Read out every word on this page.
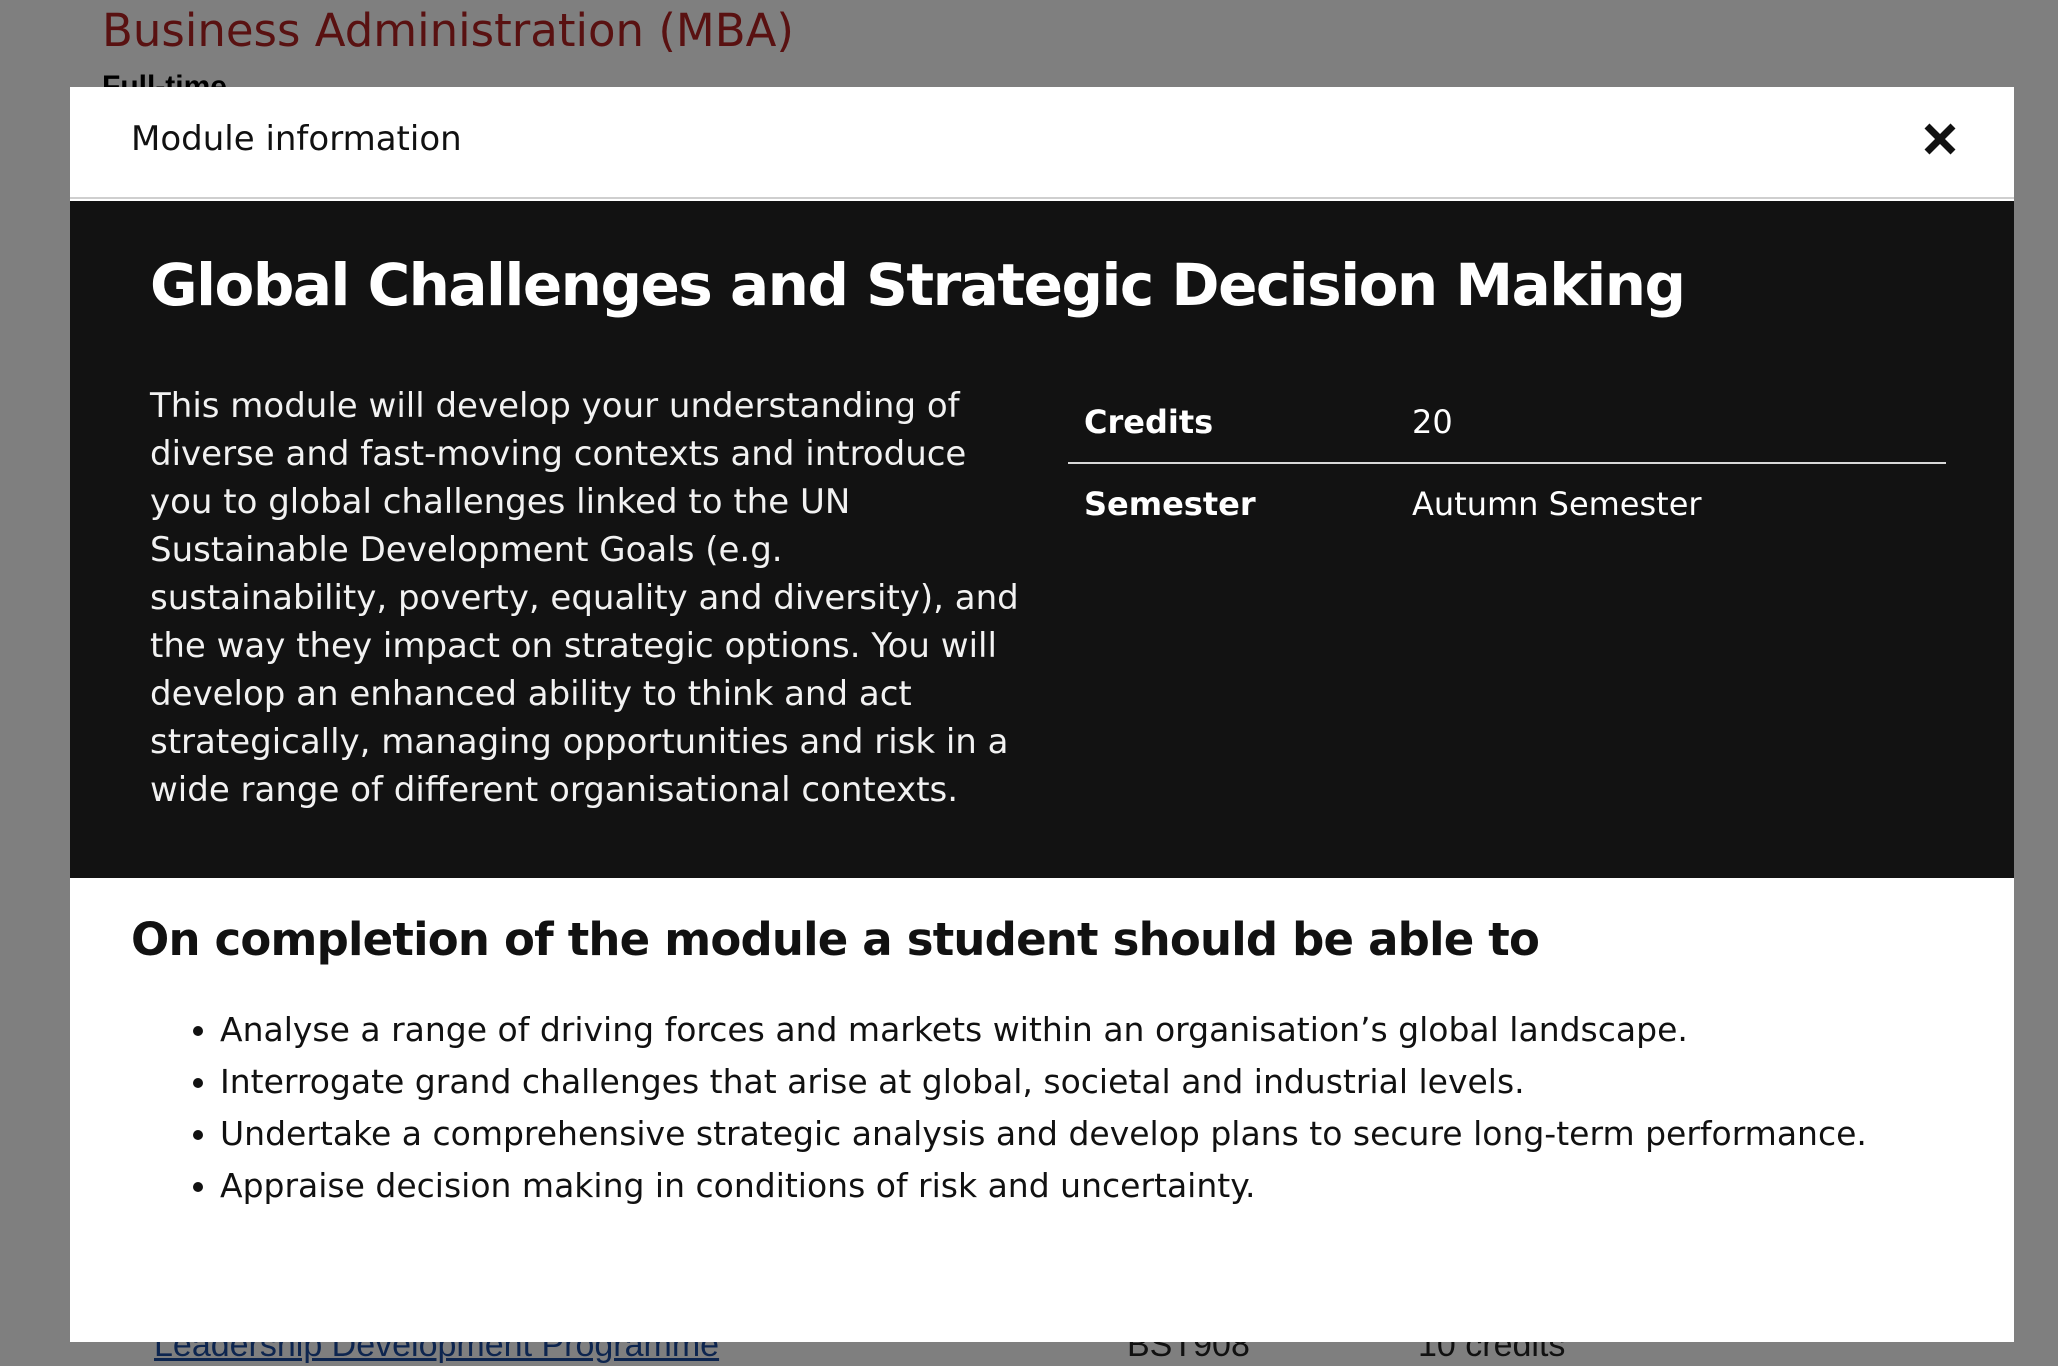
Module information
Global Challenges and Strategic Decision Making

This module will develop your understanding of diverse and fast-moving contexts and introduce you to global challenges linked to the UN Sustainable Development Goals (e.g. sustainability, poverty, equality and diversity), and the way they impact on strategic options. You will develop an enhanced ability to think and act strategically, managing opportunities and risk in a wide range of different organisational contexts.

Credits	20
Semester	Autumn Semester
On completion of the module a student should be able to
• Analyse a range of driving forces and markets within an organisation’s global landscape.
• Interrogate grand challenges that arise at global, societal and industrial levels.
• Undertake a comprehensive strategic analysis and develop plans to secure long-term performance.
• Appraise decision making in conditions of risk and uncertainty.
